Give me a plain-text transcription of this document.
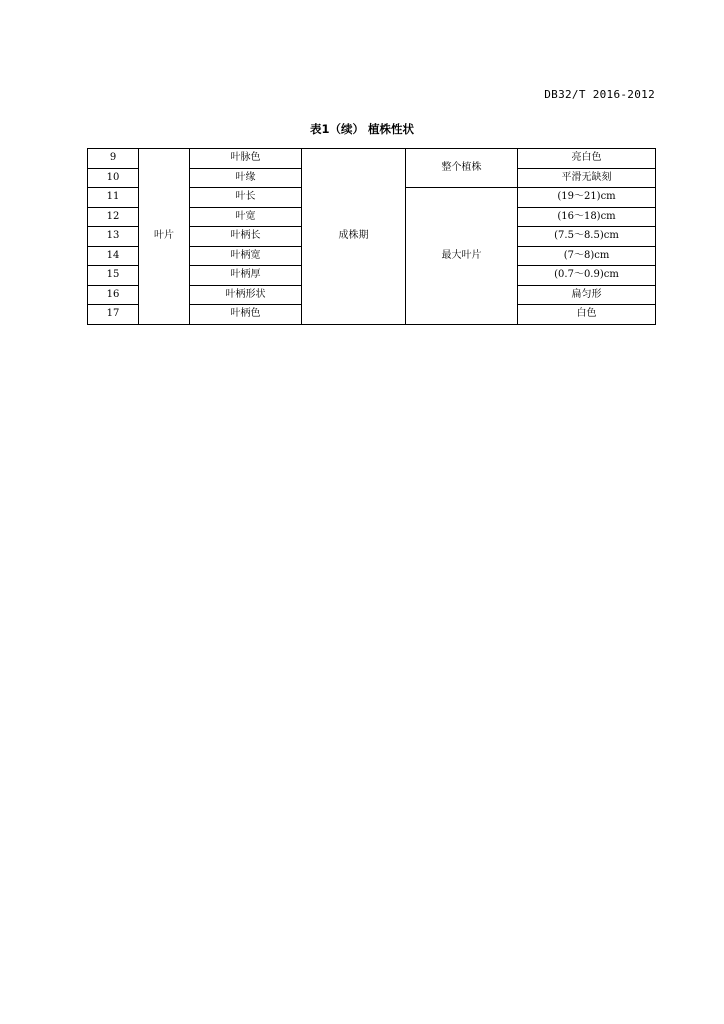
DB32/T 2016-2012
表1（续） 植株性状
9	叶片	叶脉色	成株期	整个植株	亮白色
10		叶缘			平滑无缺刻
11		叶长		最大叶片	(19～21)cm
12		叶宽			(16～18)cm
13		叶柄长			(7.5～8.5)cm
14		叶柄宽			(7～8)cm
15		叶柄厚			(0.7～0.9)cm
16		叶柄形状			扁匀形
17		叶柄色			白色
